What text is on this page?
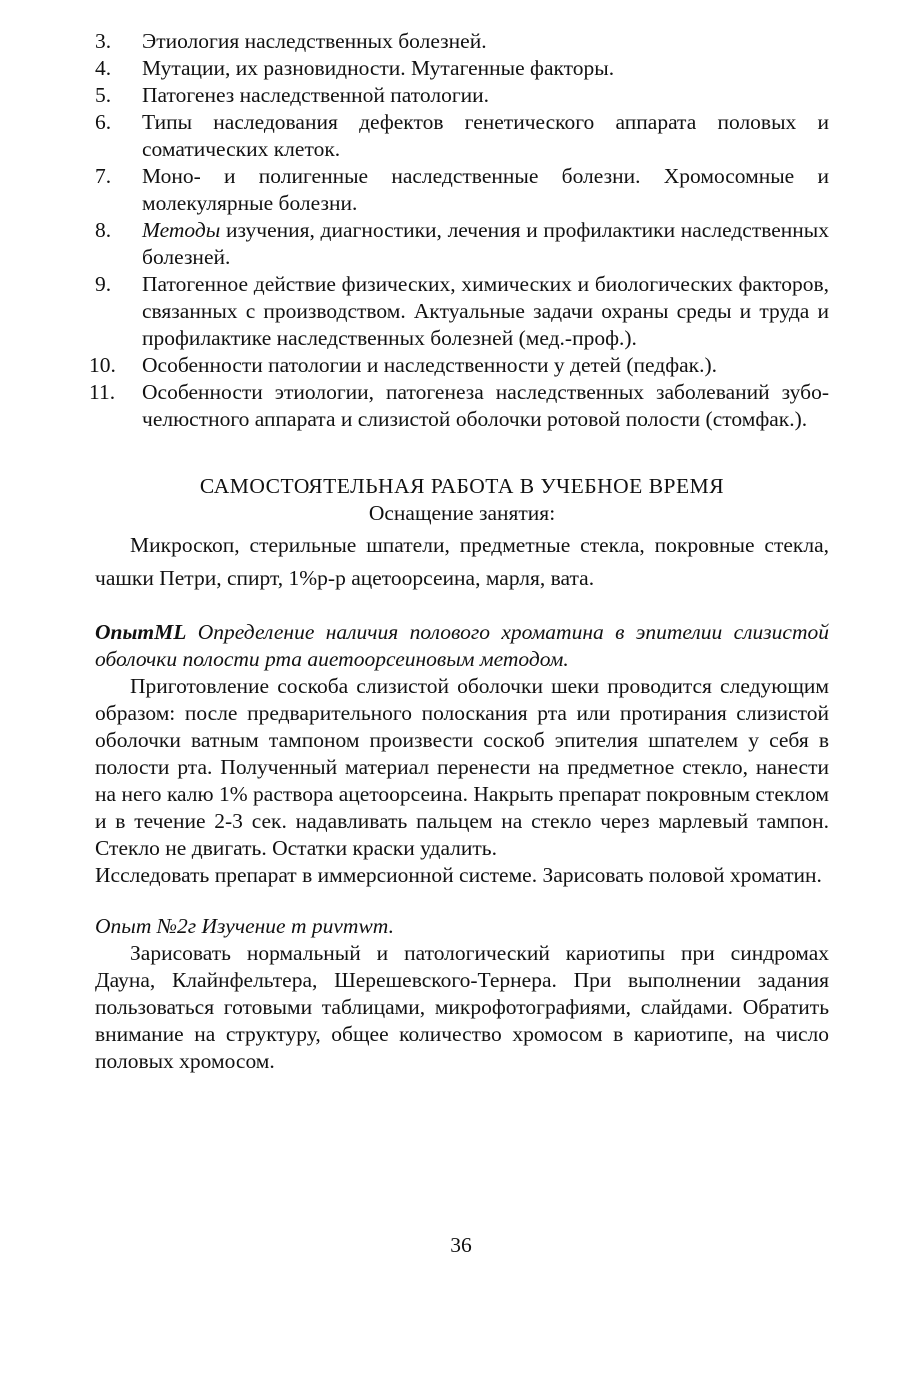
3. Этиология наследственных болезней.
4. Мутации, их разновидности. Мутагенные факторы.
5. Патогенез наследственной патологии.
6. Типы наследования дефектов генетического аппарата половых и соматических клеток.
7. Моно- и полигенные наследственные болезни. Хромосомные и молекулярные болезни.
8. Методы изучения, диагностики, лечения и профилактики наследственных болезней.
9. Патогенное действие физических, химических и биологических факторов, связанных с производством. Актуальные задачи охраны среды и труда и профилактике наследственных болезней (мед.-проф.).
10. Особенности патологии и наследственности у детей (педфак.).
11. Особенности этиологии, патогенеза наследственных заболеваний зубо-челюстного аппарата и слизистой оболочки ротовой полости (стомфак.).

САМОСТОЯТЕЛЬНАЯ РАБОТА В УЧЕБНОЕ ВРЕМЯ

Оснащение занятия:

Микроскоп, стерильные шпатели, предметные стекла, покровные стекла, чашки Петри, спирт, 1%р-р ацетоорсеина, марля, вата.

ОпытML Определение наличия полового хроматина в эпителии слизистой оболочки полости рта аиетоорсеиновым методом.

Приготовление соскоба слизистой оболочки шеки проводится следующим образом: после предварительного полоскания рта или протирания слизистой оболочки ватным тампоном произвести соскоб эпителия шпателем у себя в полости рта. Полученный материал перенести на предметное стекло, нанести на него калю 1% раствора ацетоорсеина. Накрыть препарат покровным стеклом и в течение 2-3 сек. надавливать пальцем на стекло через марлевый тампон. Стекло не двигать. Остатки краски удалить.

Исследовать препарат в иммерсионной системе. Зарисовать половой хроматин.

Опыт №2г Изучение т риvтwт.

Зарисовать нормальный и патологический кариотипы при синдромах Дауна, Клайнфельтера, Шерешевского-Тернера. При выполнении задания пользоваться готовыми таблицами, микрофотографиями, слайдами. Обратить внимание на структуру, общее количество хромосом в кариотипе, на число половых хромосом.

36
